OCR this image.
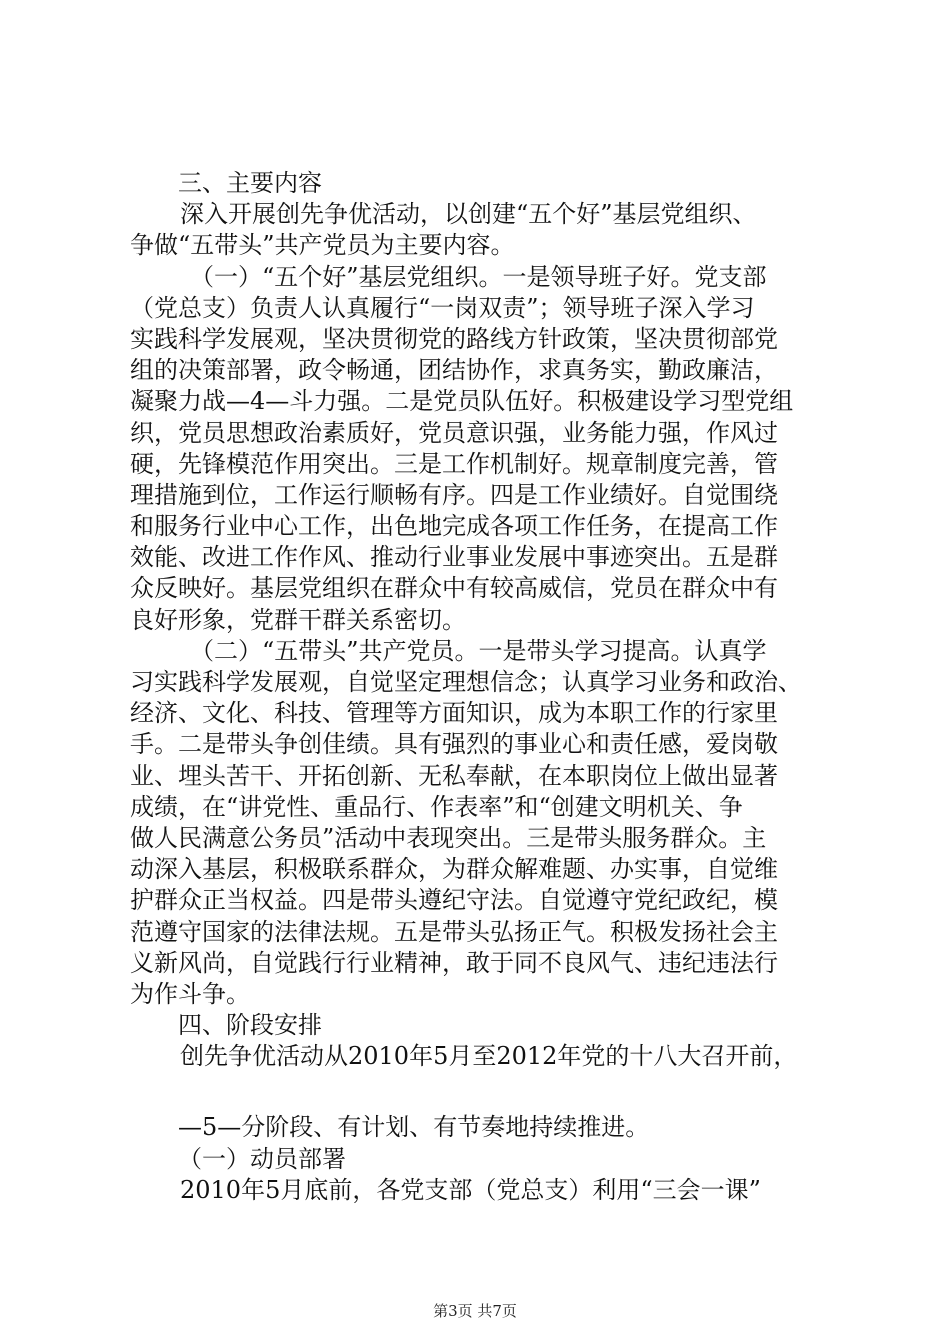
三、主要内容
深入开展创先争优活动，以创建“五个好”基层党组织、
争做“五带头”共产党员为主要内容。
（一）“五个好”基层党组织。一是领导班子好。党支部
（党总支）负责人认真履行“一岗双责”；领导班子深入学习
实践科学发展观，坚决贯彻党的路线方针政策，坚决贯彻部党
组的决策部署，政令畅通，团结协作，求真务实，勤政廉洁，
凝聚力战—4—斗力强。二是党员队伍好。积极建设学习型党组
织，党员思想政治素质好，党员意识强，业务能力强，作风过
硬，先锋模范作用突出。三是工作机制好。规章制度完善，管
理措施到位，工作运行顺畅有序。四是工作业绩好。自觉围绕
和服务行业中心工作，出色地完成各项工作任务，在提高工作
效能、改进工作作风、推动行业事业发展中事迹突出。五是群
众反映好。基层党组织在群众中有较高威信，党员在群众中有
良好形象，党群干群关系密切。
（二）“五带头”共产党员。一是带头学习提高。认真学
习实践科学发展观，自觉坚定理想信念；认真学习业务和政治、
经济、文化、科技、管理等方面知识，成为本职工作的行家里
手。二是带头争创佳绩。具有强烈的事业心和责任感，爱岗敬
业、埋头苦干、开拓创新、无私奉献，在本职岗位上做出显著
成绩，在“讲党性、重品行、作表率”和“创建文明机关、争
做人民满意公务员”活动中表现突出。三是带头服务群众。主
动深入基层，积极联系群众，为群众解难题、办实事，自觉维
护群众正当权益。四是带头遵纪守法。自觉遵守党纪政纪，模
范遵守国家的法律法规。五是带头弘扬正气。积极发扬社会主
义新风尚，自觉践行行业精神，敢于同不良风气、违纪违法行
为作斗争。
四、阶段安排
创先争优活动从2010年5月至2012年党的十八大召开前，
—5—分阶段、有计划、有节奏地持续推进。
（一）动员部署
2010年5月底前，各党支部（党总支）利用“三会一课”
第3页 共7页
